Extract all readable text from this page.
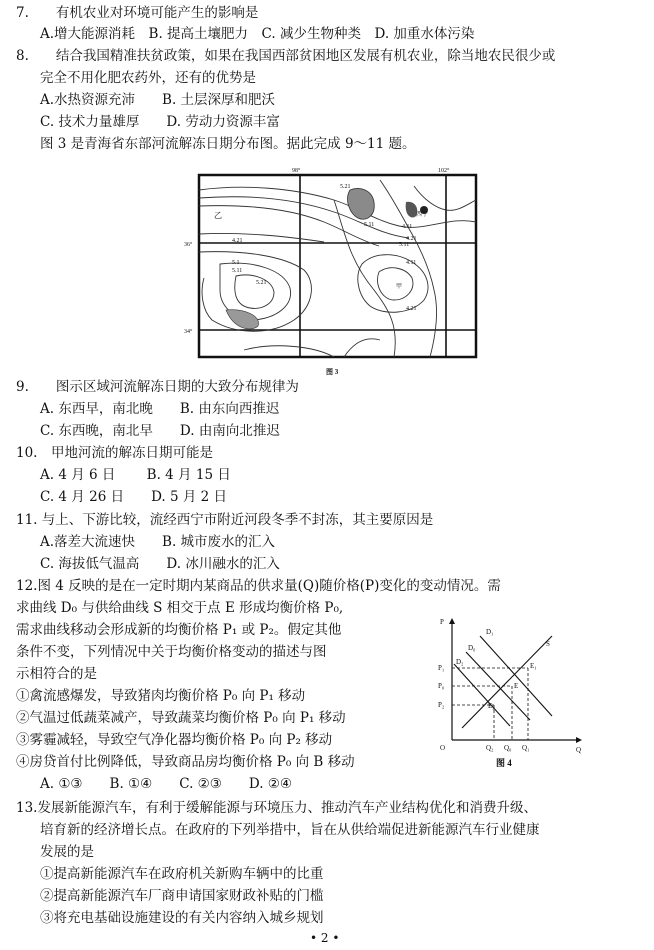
7.　　有机农业对环境可能产生的影响是
A.增大能源消耗　B. 提高土壤肥力　C. 减少生物种类　D. 加重水体污染
8.　　结合我国精准扶贫政策，如果在我国西部贫困地区发展有机农业，除当地农民很少或
完全不用化肥农药外，还有的优势是
A.水热资源充沛　　B. 土层深厚和肥沃
C. 技术力量雄厚　　D. 劳动力资源丰富
图 3 是青海省东部河流解冻日期分布图。据此完成 9～11 题。
98°	102°
36°
34°
5.21
5.11	4.11
4.21
5.1
5.11
5.21
5.11
4.21
4.11
4.21
西宁
甲
乙
图 3
9.　　图示区域河流解冻日期的大致分布规律为
A. 东西早，南北晚　　B. 由东向西推迟
C. 东西晚，南北早　　D. 由南向北推迟
10.　甲地河流的解冻日期可能是
A. 4 月 6 日　　 B. 4 月 15 日
C. 4 月 26 日　　D. 5 月 2 日
11. 与上、下游比较，流经西宁市附近河段冬季不封冻，其主要原因是
A.落差大流速快　　B. 城市废水的汇入
C. 海拔低气温高　　D. 冰川融水的汇入
12.图 4 反映的是在一定时期内某商品的供求量(Q)随价格(P)变化的变动情况。需
求曲线 D₀ 与供给曲线 S 相交于点 E 形成均衡价格 P₀,
需求曲线移动会形成新的均衡价格 P₁ 或 P₂。假定其他
条件不变，下列情况中关于均衡价格变动的描述与图
示相符合的是
①禽流感爆发，导致猪肉均衡价格 P₀ 向 P₁ 移动
②气温过低蔬菜减产，导致蔬菜均衡价格 P₀ 向 P₁ 移动
③雾霾减轻，导致空气净化器均衡价格 P₀ 向 P₂ 移动
④房贷首付比例降低，导致商品房均衡价格 P₀ 向 B 移动
A. ①③　　B. ①④　　C. ②③　　D. ②④
P
Q
O
D₁
D₀
D₂
S
E
E₁
E₂
P₁
P₀
P₂
Q₂ Q₀ Q₁
图 4
13.发展新能源汽车，有利于缓解能源与环境压力、推动汽车产业结构优化和消费升级、
培育新的经济增长点。在政府的下列举措中，旨在从供给端促进新能源汽车行业健康
发展的是
①提高新能源汽车在政府机关新购车辆中的比重
②提高新能源汽车厂商申请国家财政补贴的门槛
③将充电基础设施建设的有关内容纳入城乡规划
• 2 •
